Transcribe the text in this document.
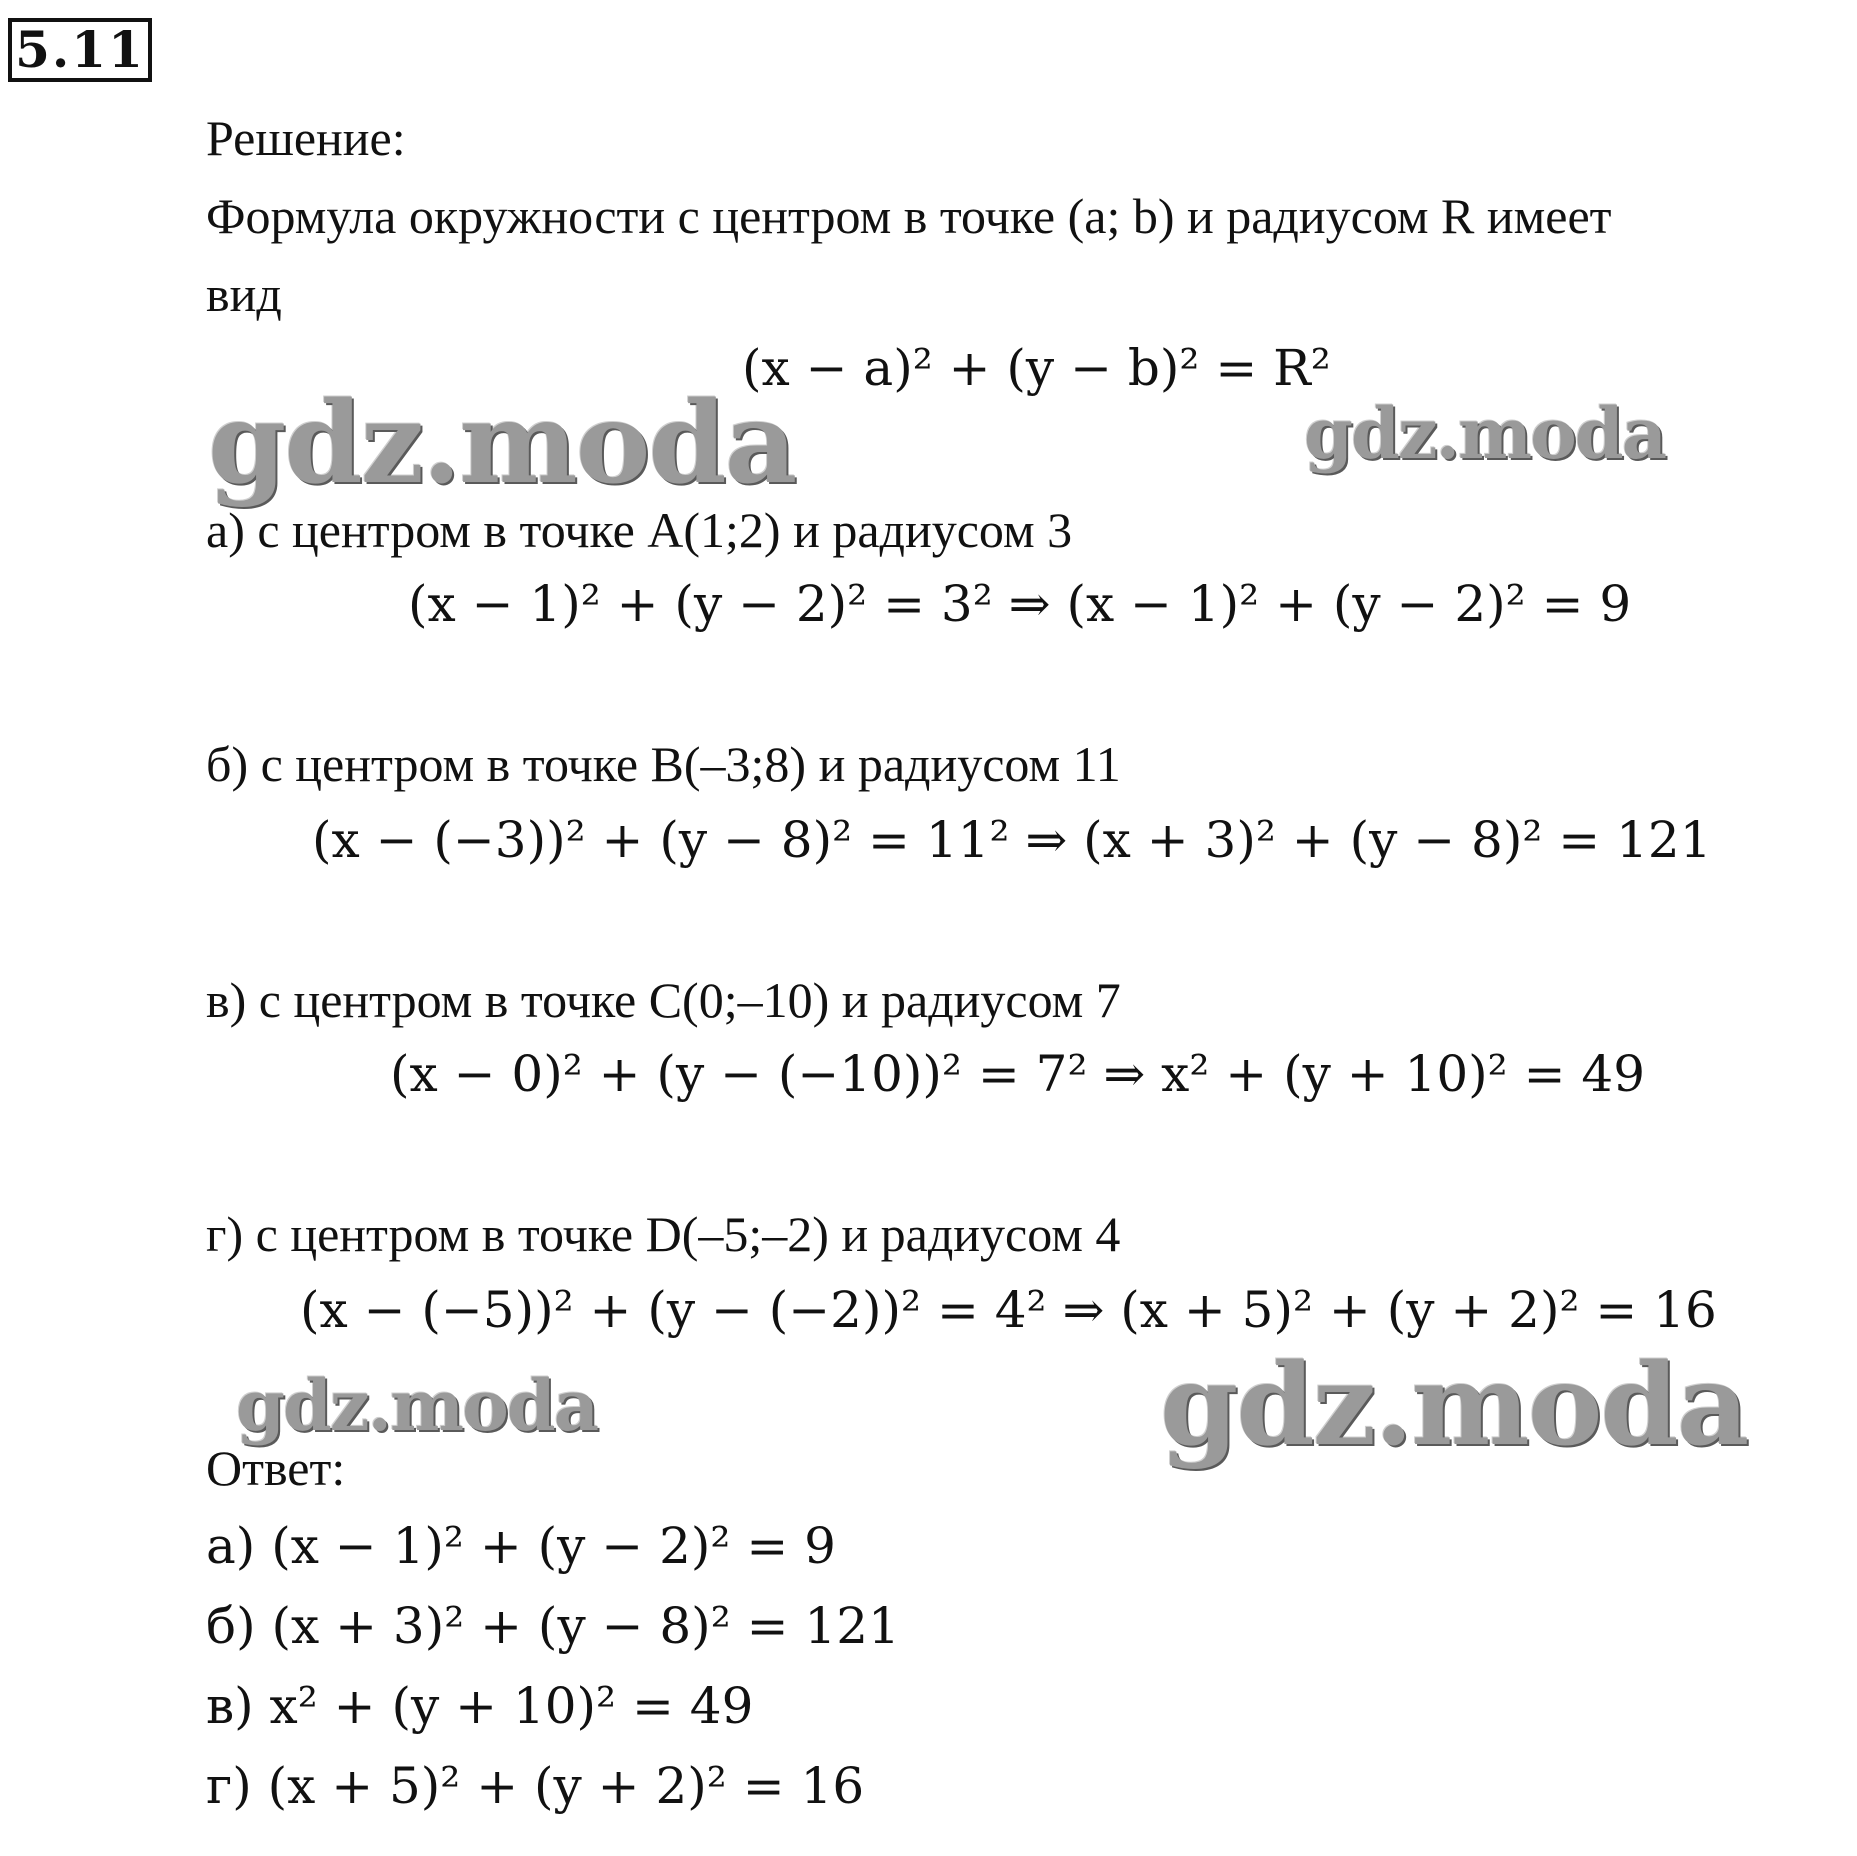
5.11
Решение:
Формула окружности с центром в точке (a; b) и радиусом R имеет
вид
(x − a)² + (y − b)² = R²
gdz.moda	gdz.moda
а) с центром в точке A(1;2) и радиусом 3
(x − 1)² + (y − 2)² = 3² ⇒ (x − 1)² + (y − 2)² = 9
б) с центром в точке B(–3;8) и радиусом 11
(x − (−3))² + (y − 8)² = 11² ⇒ (x + 3)² + (y − 8)² = 121
в) с центром в точке C(0;–10) и радиусом 7
(x − 0)² + (y − (−10))² = 7² ⇒ x² + (y + 10)² = 49
г) с центром в точке D(–5;–2) и радиусом 4
(x − (−5))² + (y − (−2))² = 4² ⇒ (x + 5)² + (y + 2)² = 16
gdz.moda	gdz.moda
Ответ:
а) (x − 1)² + (y − 2)² = 9
б) (x + 3)² + (y − 8)² = 121
в) x² + (y + 10)² = 49
г) (x + 5)² + (y + 2)² = 16
